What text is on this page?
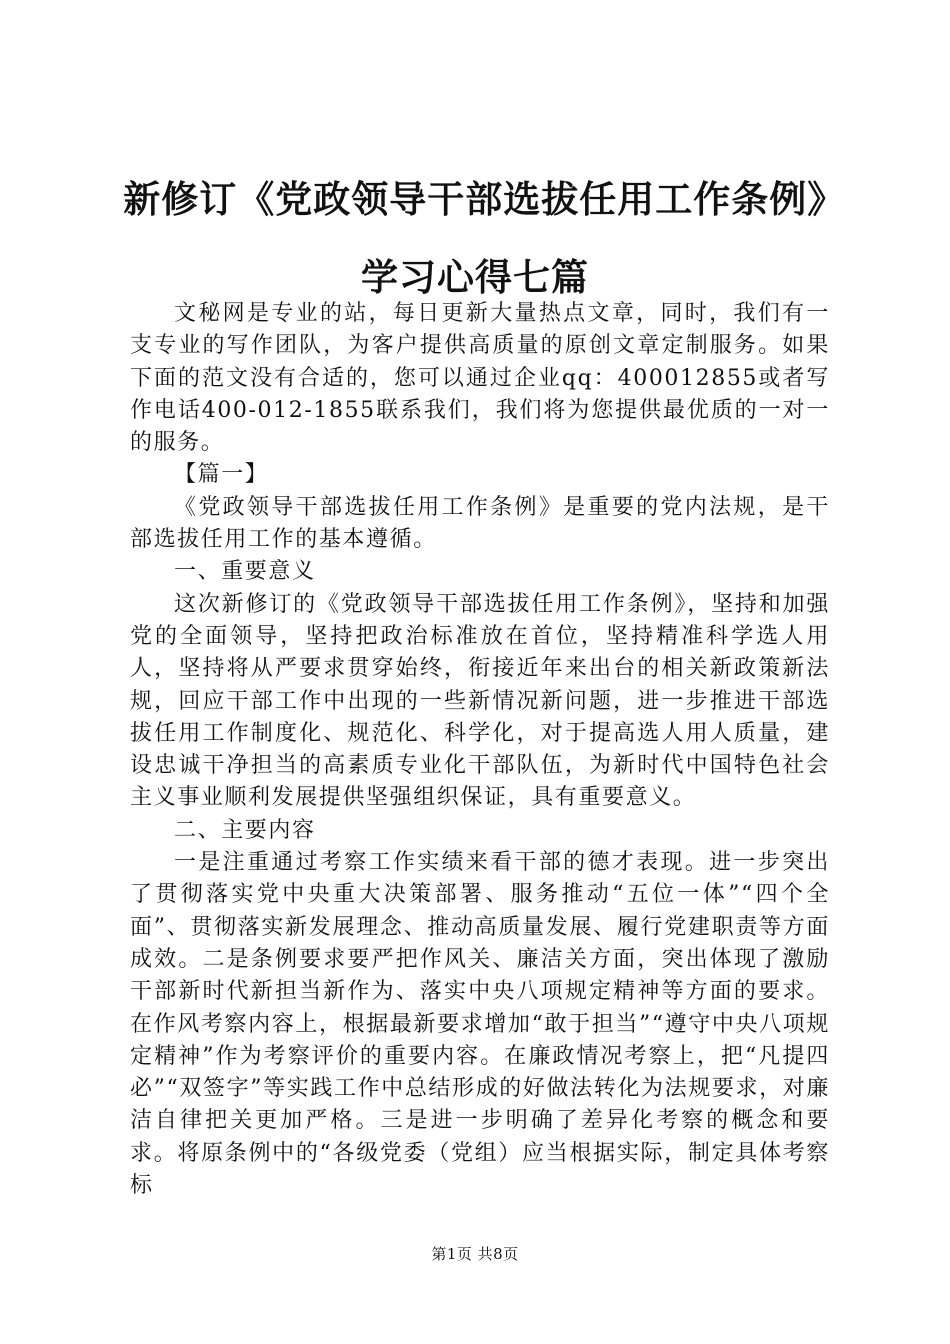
新修订《党政领导干部选拔任用工作条例》学习心得七篇

文秘网是专业的站，每日更新大量热点文章，同时，我们有一支专业的写作团队，为客户提供高质量的原创文章定制服务。如果下面的范文没有合适的，您可以通过企业qq：400012855或者写作电话400-012-1855联系我们，我们将为您提供最优质的一对一的服务。

【篇一】

《党政领导干部选拔任用工作条例》是重要的党内法规，是干部选拔任用工作的基本遵循。

一、重要意义

这次新修订的《党政领导干部选拔任用工作条例》，坚持和加强党的全面领导，坚持把政治标准放在首位，坚持精准科学选人用人，坚持将从严要求贯穿始终，衔接近年来出台的相关新政策新法规，回应干部工作中出现的一些新情况新问题，进一步推进干部选拔任用工作制度化、规范化、科学化，对于提高选人用人质量，建设忠诚干净担当的高素质专业化干部队伍，为新时代中国特色社会主义事业顺利发展提供坚强组织保证，具有重要意义。

二、主要内容

一是注重通过考察工作实绩来看干部的德才表现。进一步突出了贯彻落实党中央重大决策部署、服务推动“五位一体”“四个全面”、贯彻落实新发展理念、推动高质量发展、履行党建职责等方面成效。二是条例要求要严把作风关、廉洁关方面，突出体现了激励干部新时代新担当新作为、落实中央八项规定精神等方面的要求。在作风考察内容上，根据最新要求增加“敢于担当”“遵守中央八项规定精神”作为考察评价的重要内容。在廉政情况考察上，把“凡提四必”“双签字”等实践工作中总结形成的好做法转化为法规要求，对廉洁自律把关更加严格。三是进一步明确了差异化考察的概念和要求。将原条例中的“各级党委（党组）应当根据实际，制定具体考察标

第1页 共8页
